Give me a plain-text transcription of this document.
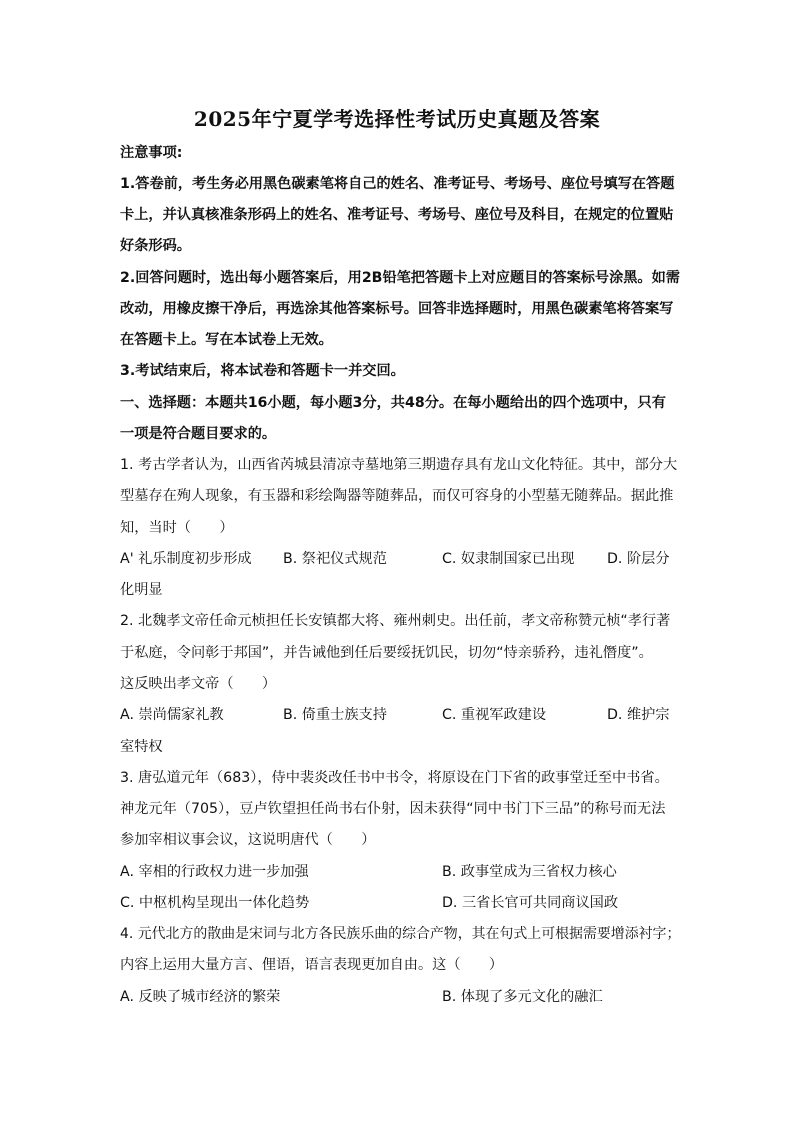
2025年宁夏学考选择性考试历史真题及答案
注意事项:
1.答卷前，考生务必用黑色碳素笔将自己的姓名、准考证号、考场号、座位号填写在答题
卡上，并认真核准条形码上的姓名、准考证号、考场号、座位号及科目，在规定的位置贴
好条形码。
2.回答问题时，选出每小题答案后，用2B铅笔把答题卡上对应题目的答案标号涂黑。如需
改动，用橡皮擦干净后，再选涂其他答案标号。回答非选择题时，用黑色碳素笔将答案写
在答题卡上。写在本试卷上无效。
3.考试结束后，将本试卷和答题卡一并交回。
一、选择题：本题共16小题，每小题3分，共48分。在每小题给出的四个选项中，只有
一项是符合题目要求的。
1. 考古学者认为，山西省芮城县清凉寺墓地第三期遗存具有龙山文化特征。其中，部分大
型墓存在殉人现象，有玉器和彩绘陶器等随葬品，而仅可容身的小型墓无随葬品。据此推
知，当时（　　）
A' 礼乐制度初步形成 B. 祭祀仪式规范	C. 奴隶制国家已出现 D. 阶层分
化明显
2. 北魏孝文帝任命元桢担任长安镇都大将、雍州刺史。出任前，孝文帝称赞元桢“孝行著
于私庭，令问彰于邦国”，并告诫他到任后要绥抚饥民，切勿“恃亲骄矜，违礼僭度”。
这反映出孝文帝（　　）
A. 崇尚儒家礼教	B. 倚重士族支持	C. 重视军政建设	D. 维护宗
室特权
3. 唐弘道元年（683），侍中裴炎改任书中书令，将原设在门下省的政事堂迁至中书省。
神龙元年（705），豆卢钦望担任尚书右仆射，因未获得“同中书门下三品”的称号而无法
参加宰相议事会议，这说明唐代（　　）
A. 宰相的行政权力进一步加强	B. 政事堂成为三省权力核心
C. 中枢机构呈现出一体化趋势	D. 三省长官可共同商议国政
4. 元代北方的散曲是宋词与北方各民族乐曲的综合产物，其在句式上可根据需要增添衬字；
内容上运用大量方言、俚语，语言表现更加自由。这（　　）
A. 反映了城市经济的繁荣	B. 体现了多元文化的融汇
